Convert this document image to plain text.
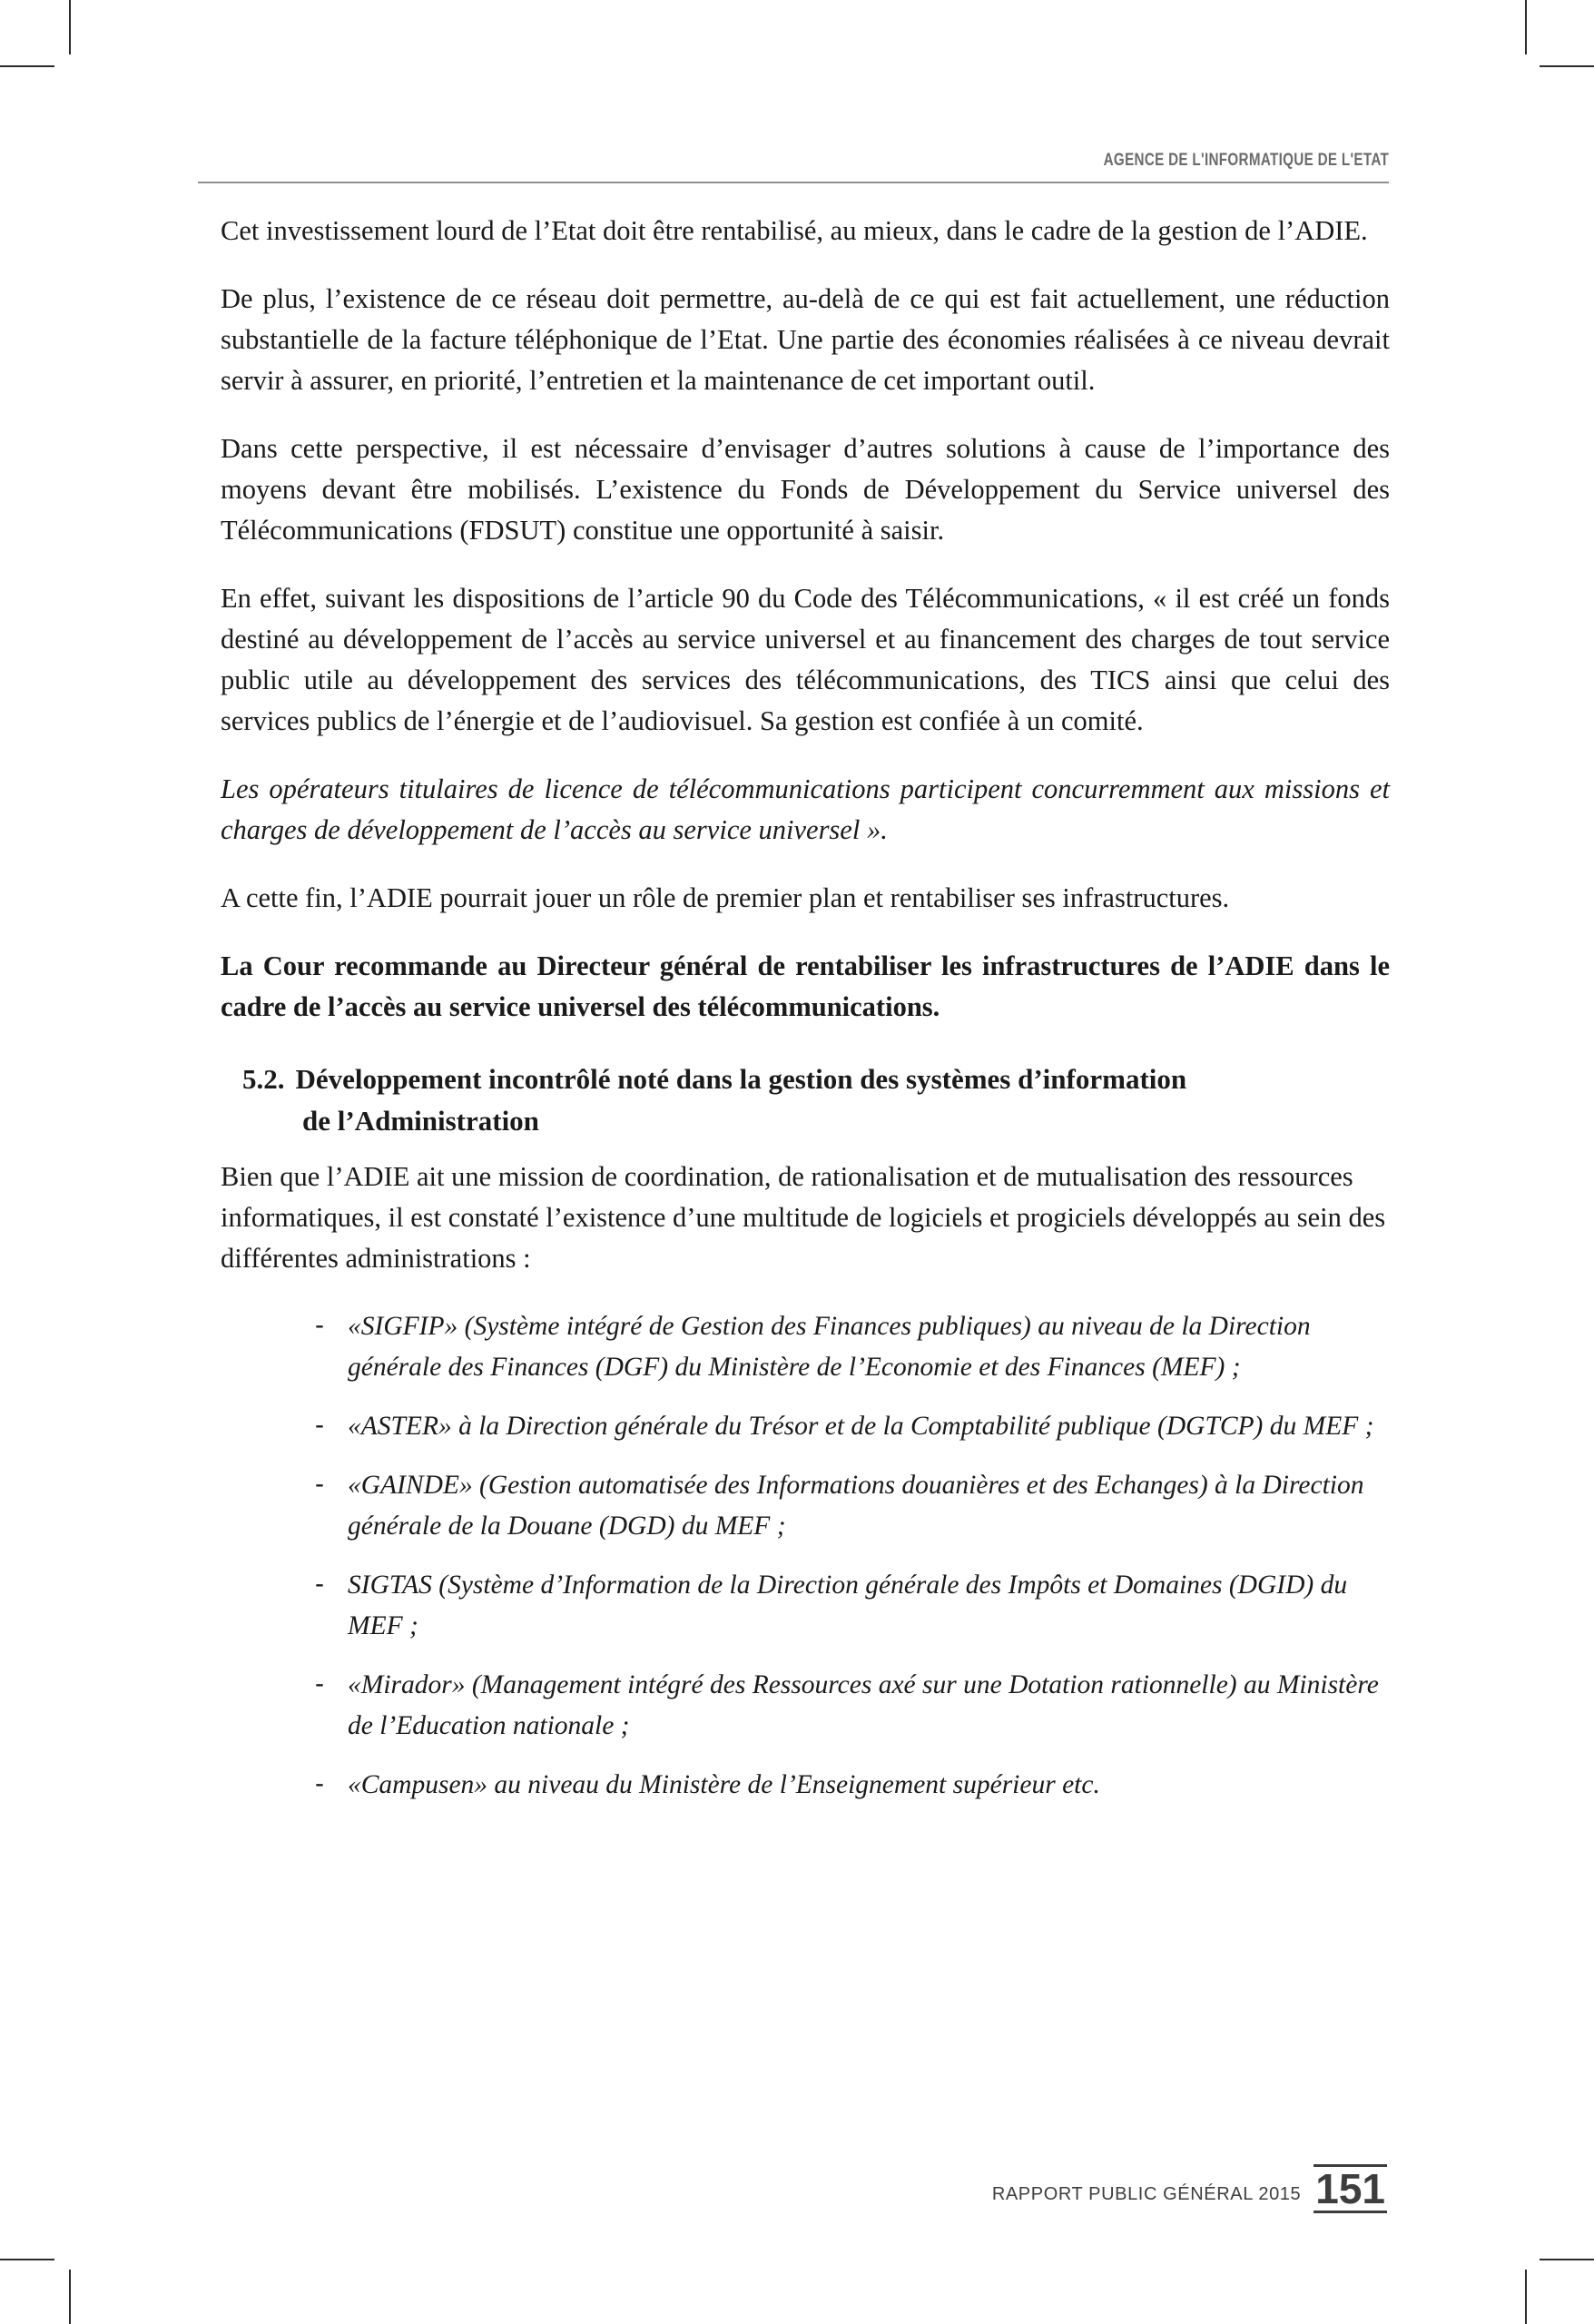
AGENCE DE L'INFORMATIQUE DE L'ETAT

Cet investissement lourd de l’Etat doit être rentabilisé, au mieux, dans le cadre de la gestion de l’ADIE.

De plus, l’existence de ce réseau doit permettre, au-delà de ce qui est fait actuellement, une réduction substantielle de la facture téléphonique de l’Etat. Une partie des économies réalisées à ce niveau devrait servir à assurer, en priorité, l’entretien et la maintenance de cet important outil.

Dans cette perspective, il est nécessaire d’envisager d’autres solutions à cause de l’importance des moyens devant être mobilisés. L’existence du Fonds de Développement du Service universel des Télécommunications (FDSUT) constitue une opportunité à saisir.

En effet, suivant les dispositions de l’article 90 du Code des Télécommunications, « il est créé un fonds destiné au développement de l’accès au service universel et au financement des charges de tout service public utile au développement des services des télécommunications, des TICS ainsi que celui des services publics de l’énergie et de l’audiovisuel. Sa gestion est confiée à un comité.

Les opérateurs titulaires de licence de télécommunications participent concurremment aux missions et charges de développement de l’accès au service universel ».

A cette fin, l’ADIE pourrait jouer un rôle de premier plan et rentabiliser ses infrastructures.

La Cour recommande au Directeur général de rentabiliser les infrastructures de l’ADIE dans le cadre de l’accès au service universel des télécommunications.

5.2. Développement incontrôlé noté dans la gestion des systèmes d’information de l’Administration

Bien que l’ADIE ait une mission de coordination, de rationalisation et de mutualisation des ressources informatiques, il est constaté l’existence d’une multitude de logiciels et progiciels développés au sein des différentes administrations :

- «SIGFIP» (Système intégré de Gestion des Finances publiques) au niveau de la Direction générale des Finances (DGF) du Ministère de l’Economie et des Finances (MEF) ;
- «ASTER» à la Direction générale du Trésor et de la Comptabilité publique (DGTCP) du MEF ;
- «GAINDE» (Gestion automatisée des Informations douanières et des Echanges) à la Direction générale de la Douane (DGD) du MEF ;
- SIGTAS (Système d’Information de la Direction générale des Impôts et Domaines (DGID) du MEF ;
- «Mirador» (Management intégré des Ressources axé sur une Dotation rationnelle) au Ministère de l’Education nationale ;
- «Campusen» au niveau du Ministère de l’Enseignement supérieur etc.
RAPPORT PUBLIC GÉNÉRAL 2015 151
